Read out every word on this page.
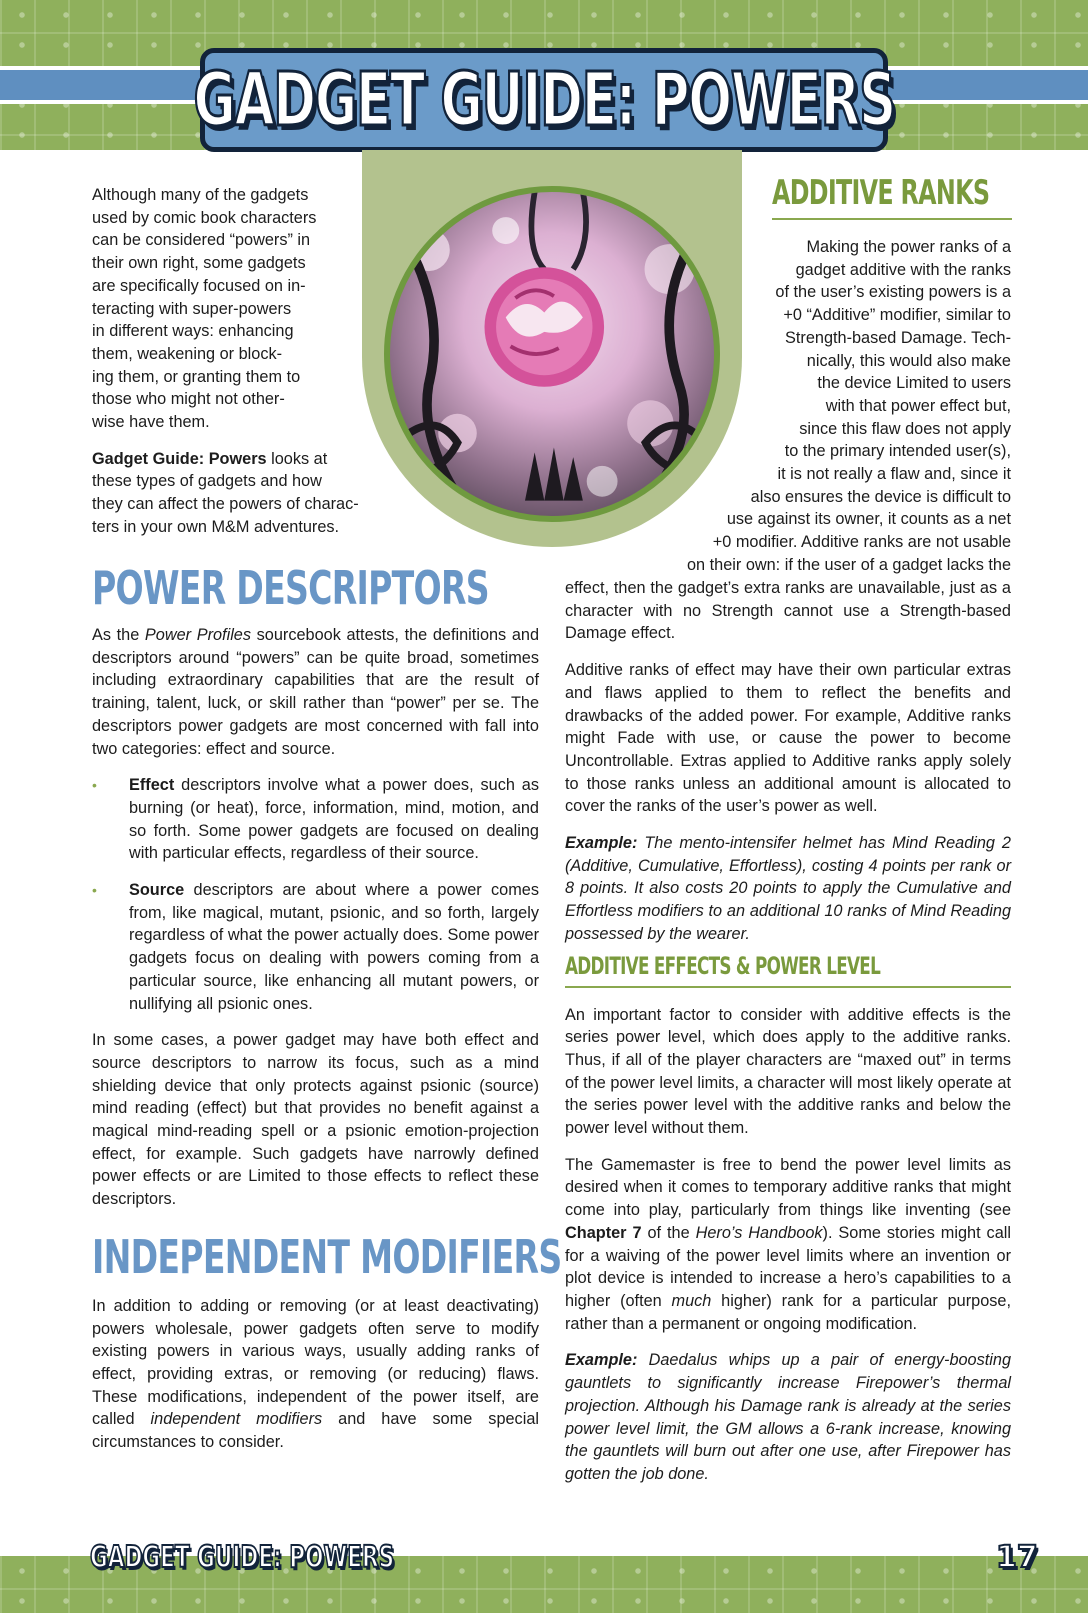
GADGET GUIDE: POWERS

Although many of the gadgets
used by comic book characters
can be considered “powers” in
their own right, some gadgets
are specifically focused on in-
teracting with super-powers
in different ways: enhancing
them, weakening or block-
ing them, or granting them to
those who might not other-
wise have them.

Gadget Guide: Powers looks at
these types of gadgets and how
they can affect the powers of charac-
ters in your own M&M adventures.

POWER DESCRIPTORS

As the Power Profiles sourcebook attests, the definitions and descriptors around “powers” can be quite broad, sometimes including extraordinary capabilities that are the result of training, talent, luck, or skill rather than “power” per se. The descriptors power gadgets are most concerned with fall into two categories: effect and source.

• Effect descriptors involve what a power does, such as burning (or heat), force, information, mind, motion, and so forth. Some power gadgets are focused on dealing with particular effects, regardless of their source.
• Source descriptors are about where a power comes from, like magical, mutant, psionic, and so forth, largely regardless of what the power actually does. Some power gadgets focus on dealing with powers coming from a particular source, like enhancing all mutant powers, or nullifying all psionic ones.

In some cases, a power gadget may have both effect and source descriptors to narrow its focus, such as a mind shielding device that only protects against psionic (source) mind reading (effect) but that provides no benefit against a magical mind-reading spell or a psionic emotion-projection effect, for example. Such gadgets have narrowly defined power effects or are Limited to those effects to reflect these descriptors.

INDEPENDENT MODIFIERS

In addition to adding or removing (or at least deactivating) powers wholesale, power gadgets often serve to modify existing powers in various ways, usually adding ranks of effect, providing extras, or removing (or reducing) flaws. These modifications, independent of the power itself, are called independent modifiers and have some special circumstances to consider.

ADDITIVE RANKS
Making the power ranks of a
gadget additive with the ranks
of the user’s existing powers is a
+0 “Additive” modifier, similar to
Strength-based Damage. Tech-
nically, this would also make
the device Limited to users
with that power effect but,
since this flaw does not apply
to the primary intended user(s),
it is not really a flaw and, since it
also ensures the device is difficult to
use against its owner, it counts as a net
+0 modifier. Additive ranks are not usable
on their own: if the user of a gadget lacks the

effect, then the gadget’s extra ranks are unavailable, just as a character with no Strength cannot use a Strength-based Damage effect.

Additive ranks of effect may have their own particular extras and flaws applied to them to reflect the benefits and drawbacks of the added power. For example, Additive ranks might Fade with use, or cause the power to become Uncontrollable. Extras applied to Additive ranks apply solely to those ranks unless an additional amount is allocated to cover the ranks of the user’s power as well.

Example: The mento-intensifer helmet has Mind Reading 2 (Additive, Cumulative, Effortless), costing 4 points per rank or 8 points. It also costs 20 points to apply the Cumulative and Effortless modifiers to an additional 10 ranks of Mind Reading possessed by the wearer.

ADDITIVE EFFECTS & POWER LEVEL

An important factor to consider with additive effects is the series power level, which does apply to the additive ranks. Thus, if all of the player characters are “maxed out” in terms of the power level limits, a character will most likely operate at the series power level with the additive ranks and below the power level without them.

The Gamemaster is free to bend the power level limits as desired when it comes to temporary additive ranks that might come into play, particularly from things like inventing (see Chapter 7 of the Hero’s Handbook). Some stories might call for a waiving of the power level limits where an invention or plot device is intended to increase a hero’s capabilities to a higher (often much higher) rank for a particular purpose, rather than a permanent or ongoing modification.

Example: Daedalus whips up a pair of energy-boosting gauntlets to significantly increase Firepower’s thermal projection. Although his Damage rank is already at the series power level limit, the GM allows a 6-rank increase, knowing the gauntlets will burn out after one use, after Firepower has gotten the job done.

GADGET GUIDE: POWERS	17
